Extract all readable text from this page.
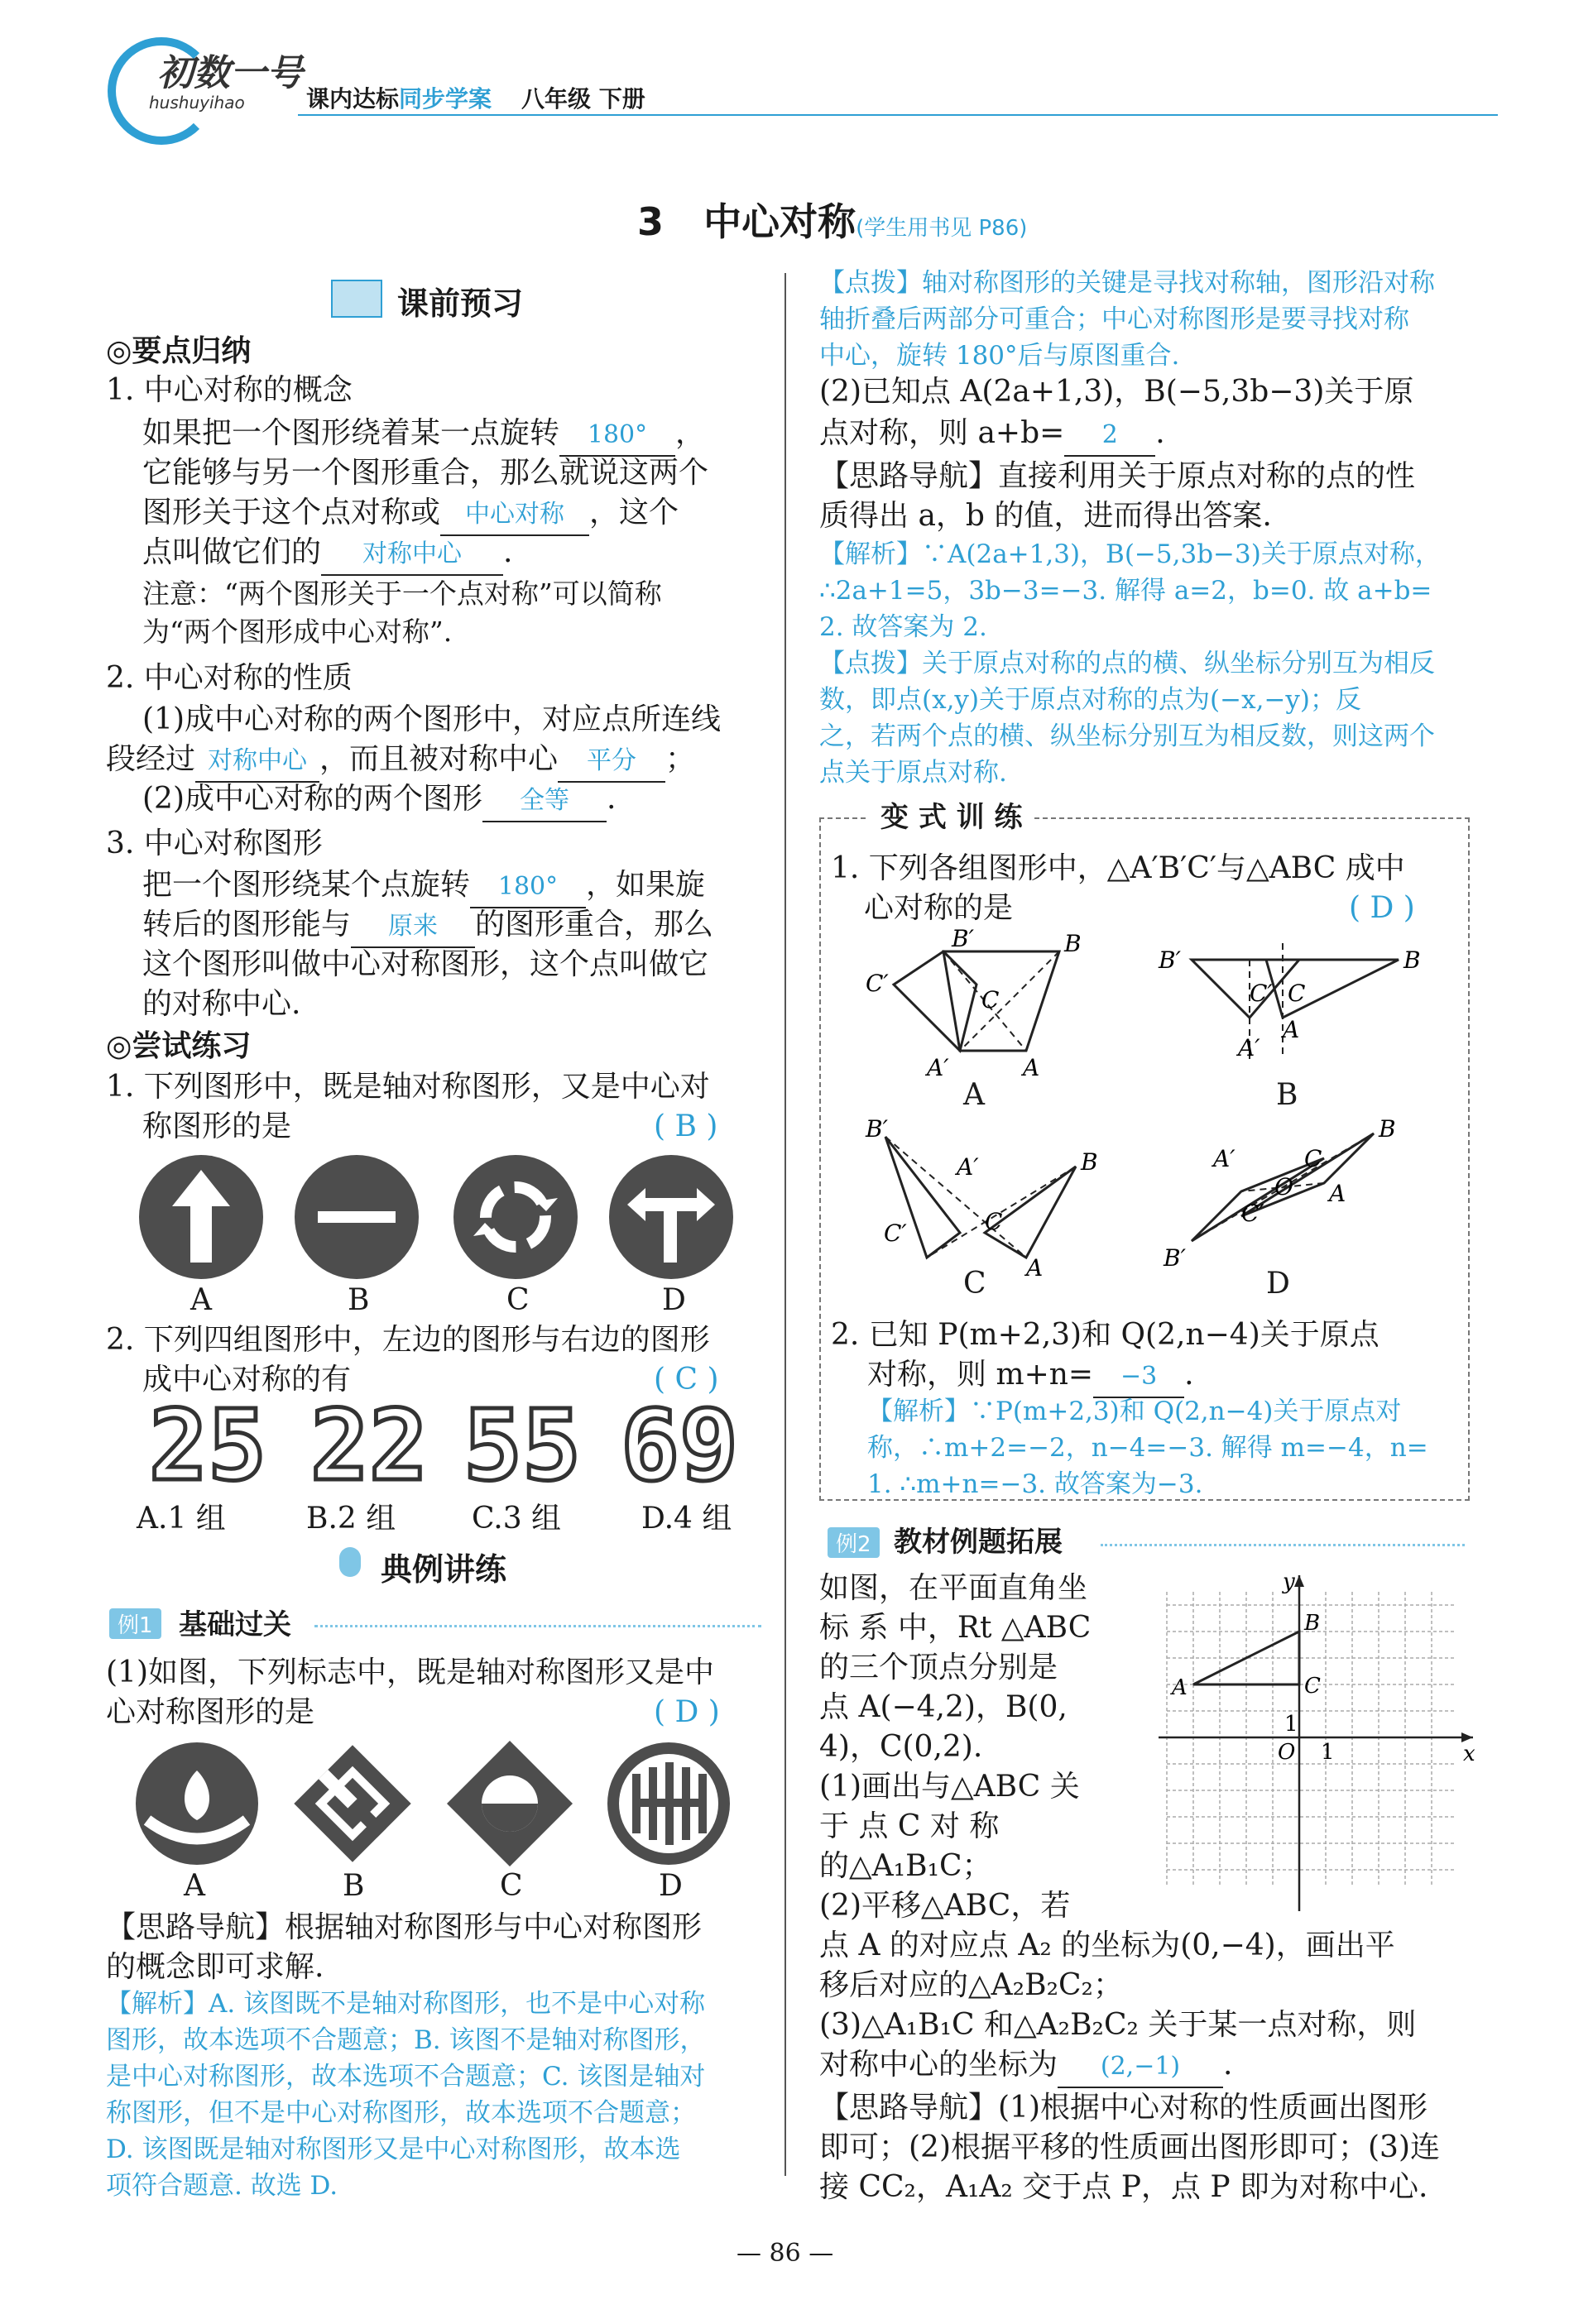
初数一号
hushuyihao	课内达标同步学案 八年级 下册
3 中心对称(学生用书见 P86)
课前预习
◎要点归纳
1. 中心对称的概念
如果把一个图形绕着某一点旋转 180° ，
它能够与另一个图形重合，那么就说这两个
图形关于这个点对称或 中心对称 ，这个
点叫做它们的 对称中心 .
注意：“两个图形关于一个点对称”可以简称
为“两个图形成中心对称”.
2. 中心对称的性质
(1)成中心对称的两个图形中，对应点所连线
段经过 对称中心 ，而且被对称中心 平分 ；
(2)成中心对称的两个图形 全等 .
3. 中心对称图形
把一个图形绕某个点旋转 180° ，如果旋
转后的图形能与 原来 的图形重合，那么
这个图形叫做中心对称图形，这个点叫做它
的对称中心.
◎尝试练习
1. 下列图形中，既是轴对称图形，又是中心对
称图形的是	( B )
A	B	C	D
2. 下列四组图形中，左边的图形与右边的图形
成中心对称的有	( C )
25 22 55 69
A.1 组	B.2 组	C.3 组	D.4 组
典例讲练
例1 基础过关
(1)如图，下列标志中，既是轴对称图形又是中
心对称图形的是	( D )
A	B	C	D
【思路导航】根据轴对称图形与中心对称图形
的概念即可求解.
【解析】A. 该图既不是轴对称图形，也不是中心对称
图形，故本选项不合题意；B. 该图不是轴对称图形，
是中心对称图形，故本选项不合题意；C. 该图是轴对
称图形，但不是中心对称图形，故本选项不合题意；
D. 该图既是轴对称图形又是中心对称图形，故本选
项符合题意. 故选 D.
【点拨】轴对称图形的关键是寻找对称轴，图形沿对称
轴折叠后两部分可重合；中心对称图形是要寻找对称
中心，旋转 180°后与原图重合.
(2)已知点 A(2a+1,3)，B(−5,3b−3)关于原
点对称，则 a+b= 2 .
【思路导航】直接利用关于原点对称的点的性
质得出 a，b 的值，进而得出答案.
【解析】∵A(2a+1,3)，B(−5,3b−3)关于原点对称，
∴2a+1=5，3b−3=−3. 解得 a=2，b=0. 故 a+b=
2. 故答案为 2.
【点拨】关于原点对称的点的横、纵坐标分别互为相反
数，即点(x,y)关于原点对称的点为(−x,−y)；反
之，若两个点的横、纵坐标分别互为相反数，则这两个
点关于原点对称.
变 式 训 练
1. 下列各组图形中，△A′B′C′与△ABC 成中
心对称的是	( D )
B′	B
C′
C
A′	A
A
B′	B
C′ C
A′
A
B
B′
B
A′
C′	C
A
C
B
A′	C
O
C′
A
B′
D
2. 已知 P(m+2,3)和 Q(2,n−4)关于原点
对称，则 m+n= −3 .
【解析】∵P(m+2,3)和 Q(2,n−4)关于原点对
称，∴m+2=−2，n−4=−3. 解得 m=−4，n=
1. ∴m+n=−3. 故答案为−3.
例2 教材例题拓展
如图，在平面直角坐
标 系 中，Rt △ABC
的三个顶点分别是
点 A(−4,2)，B(0,
4)，C(0,2).
(1)画出与△ABC 关
于 点 C 对 称
的△A₁B₁C；
(2)平移△ABC，若
y
x
A
B
C
O 1
1
点 A 的对应点 A₂ 的坐标为(0,−4)，画出平
移后对应的△A₂B₂C₂；
(3)△A₁B₁C 和△A₂B₂C₂ 关于某一点对称，则
对称中心的坐标为 (2,−1) .
【思路导航】(1)根据中心对称的性质画出图形
即可；(2)根据平移的性质画出图形即可；(3)连
接 CC₂，A₁A₂ 交于点 P，点 P 即为对称中心.
— 86 —
